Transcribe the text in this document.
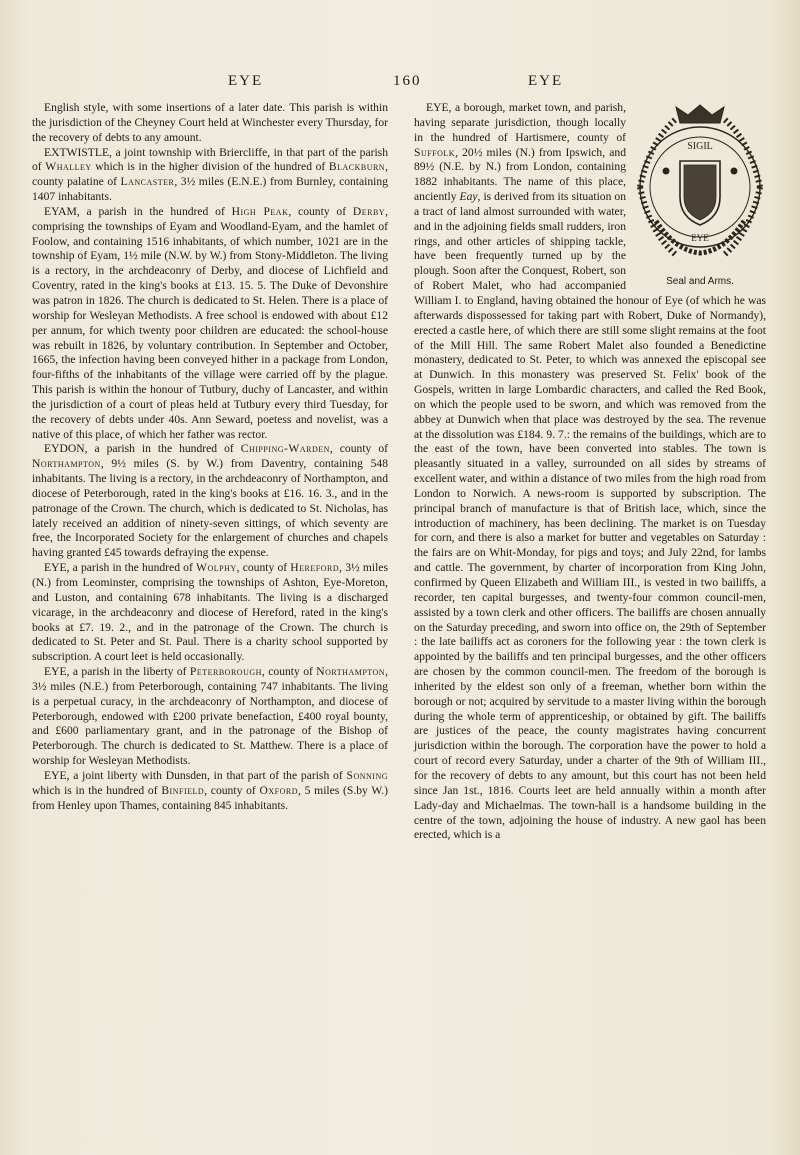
EYE	160	EYE

English style, with some insertions of a later date. This parish is within the jurisdiction of the Cheyney Court held at Winchester every Thursday, for the recovery of debts to any amount.

EXTWISTLE, a joint township with Briercliffe, in that part of the parish of Whalley which is in the higher division of the hundred of Blackburn, county palatine of Lancaster, 3½ miles (E.N.E.) from Burnley, containing 1407 inhabitants.

EYAM, a parish in the hundred of High Peak, county of Derby, comprising the townships of Eyam and Woodland-Eyam, and the hamlet of Foolow, and containing 1516 inhabitants, of which number, 1021 are in the township of Eyam, 1½ mile (N.W. by W.) from Stony-Middleton. The living is a rectory, in the archdeaconry of Derby, and diocese of Lichfield and Coventry, rated in the king's books at £13. 15. 5. The Duke of Devonshire was patron in 1826. The church is dedicated to St. Helen. There is a place of worship for Wesleyan Methodists. A free school is endowed with about £12 per annum, for which twenty poor children are educated: the school-house was rebuilt in 1826, by voluntary contribution. In September and October, 1665, the infection having been conveyed hither in a package from London, four-fifths of the inhabitants of the village were carried off by the plague. This parish is within the honour of Tutbury, duchy of Lancaster, and within the jurisdiction of a court of pleas held at Tutbury every third Tuesday, for the recovery of debts under 40s. Ann Seward, poetess and novelist, was a native of this place, of which her father was rector.

EYDON, a parish in the hundred of Chipping-Warden, county of Northampton, 9½ miles (S. by W.) from Daventry, containing 548 inhabitants. The living is a rectory, in the archdeaconry of Northampton, and diocese of Peterborough, rated in the king's books at £16. 16. 3., and in the patronage of the Crown. The church, which is dedicated to St. Nicholas, has lately received an addition of ninety-seven sittings, of which seventy are free, the Incorporated Society for the enlargement of churches and chapels having granted £45 towards defraying the expense.

EYE, a parish in the hundred of Wolphy, county of Hereford, 3½ miles (N.) from Leominster, comprising the townships of Ashton, Eye-Moreton, and Luston, and containing 678 inhabitants. The living is a discharged vicarage, in the archdeaconry and diocese of Hereford, rated in the king's books at £7. 19. 2., and in the patronage of the Crown. The church is dedicated to St. Peter and St. Paul. There is a charity school supported by subscription. A court leet is held occasionally.

EYE, a parish in the liberty of Peterborough, county of Northampton, 3½ miles (N.E.) from Peterborough, containing 747 inhabitants. The living is a perpetual curacy, in the archdeaconry of Northampton, and diocese of Peterborough, endowed with £200 private benefaction, £400 royal bounty, and £600 parliamentary grant, and in the patronage of the Bishop of Peterborough. The church is dedicated to St. Matthew. There is a place of worship for Wesleyan Methodists.

EYE, a joint liberty with Dunsden, in that part of the parish of Sonning which is in the hundred of Binfield, county of Oxford, 5 miles (S.by W.) from Henley upon Thames, containing 845 inhabitants.

SIGIL
EYE
Seal and Arms.

EYE, a borough, market town, and parish, having separate jurisdiction, though locally in the hundred of Hartismere, county of Suffolk, 20½ miles (N.) from Ipswich, and 89½ (N.E. by N.) from London, containing 1882 inhabitants. The name of this place, anciently Eay, is derived from its situation on a tract of land almost surrounded with water, and in the adjoining fields small rudders, iron rings, and other articles of shipping tackle, have been frequently turned up by the plough. Soon after the Conquest, Robert, son of Robert Malet, who had accompanied William I. to England, having obtained the honour of Eye (of which he was afterwards dispossessed for taking part with Robert, Duke of Normandy), erected a castle here, of which there are still some slight remains at the foot of the Mill Hill. The same Robert Malet also founded a Benedictine monastery, dedicated to St. Peter, to which was annexed the episcopal see at Dunwich. In this monastery was preserved St. Felix' book of the Gospels, written in large Lombardic characters, and called the Red Book, on which the people used to be sworn, and which was removed from the abbey at Dunwich when that place was destroyed by the sea. The revenue at the dissolution was £184. 9. 7.: the remains of the buildings, which are to the east of the town, have been converted into stables. The town is pleasantly situated in a valley, surrounded on all sides by streams of excellent water, and within a distance of two miles from the high road from London to Norwich. A news-room is supported by subscription. The principal branch of manufacture is that of British lace, which, since the introduction of machinery, has been declining. The market is on Tuesday for corn, and there is also a market for butter and vegetables on Saturday : the fairs are on Whit-Monday, for pigs and toys; and July 22nd, for lambs and cattle. The government, by charter of incorporation from King John, confirmed by Queen Elizabeth and William III., is vested in two bailiffs, a recorder, ten capital burgesses, and twenty-four common council-men, assisted by a town clerk and other officers. The bailiffs are chosen annually on the Saturday preceding, and sworn into office on, the 29th of September : the late bailiffs act as coroners for the following year : the town clerk is appointed by the bailiffs and ten principal burgesses, and the other officers are chosen by the common council-men. The freedom of the borough is inherited by the eldest son only of a freeman, whether born within the borough or not; acquired by servitude to a master living within the borough during the whole term of apprenticeship, or obtained by gift. The bailiffs are justices of the peace, the county magistrates having concurrent jurisdiction within the borough. The corporation have the power to hold a court of record every Saturday, under a charter of the 9th of William III., for the recovery of debts to any amount, but this court has not been held since Jan 1st., 1816. Courts leet are held annually within a month after Lady-day and Michaelmas. The town-hall is a handsome building in the centre of the town, adjoining the house of industry. A new gaol has been erected, which is a
